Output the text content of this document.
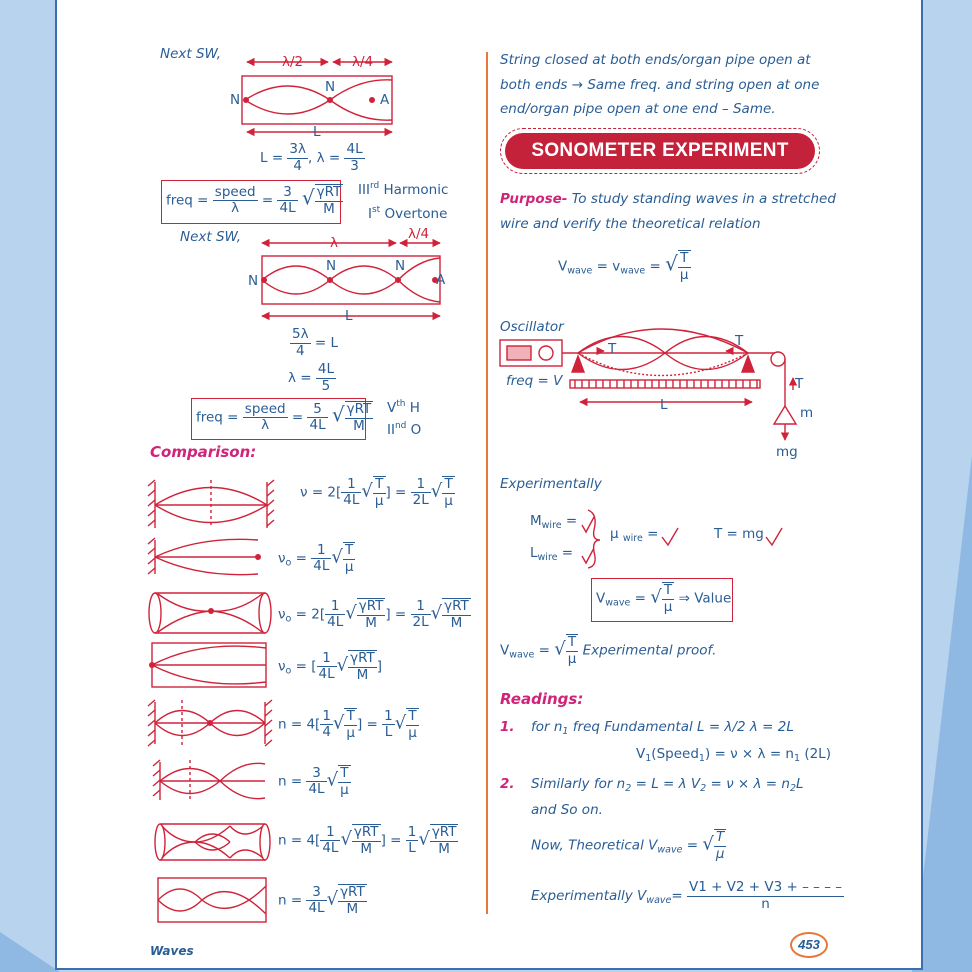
Next SW,	λ/2	λ/4
N
N
A
L
$L = \frac{3\lambda}{4}$ , $\lambda = \frac{4L}{3}$
freq = $\frac{\text{speed}}{\lambda} = \frac{3}{4L}$ √ $\frac{\text{γRT}}{M} IIIrd$ Harmonic
Ist Overtone
Next SW,	λ
λ/4
N	N
N	A
L
$\frac{5\lambda}{4} = L$
$\lambda = \frac{4L}{5}$
freq = $\frac{\text{speed}}{\lambda} = \frac{5}{4L}$ √ $\frac{\text{γRT}}{M} Vth$ H
IInd O
Comparison:
$\nu = 2[ \frac{1}{4L}$ √ $\frac{T}{\mu}$ ] = $\frac{1}{2L}$ √ $\frac{T}{\mu}$
$\nu_o = \frac{1}{4L}$ √ $\frac{T}{\mu}$
$\nu_o = 2[ \frac{1}{4L}$ √ $\frac{\text{γRT}}{M}$ ] = $\frac{1}{2L}$ √ $\frac{\text{γRT}}{M}$
$\nu_o$ = [ $\frac{1}{4L}$ √ $\frac{\text{γRT}}{M}$ ]
$n = 4[ \frac{1}{4}$ √ $\frac{T}{\mu}$ ] = $\frac{1}{L}$ √ $\frac{T}{\mu}$
$n = \frac{3}{4L}$ √ $\frac{T}{\mu}$
$n = 4[ \frac{1}{4L}$ √ $\frac{\text{γRT}}{M}$ ] = $\frac{1}{L}$ √ $\frac{\text{γRT}}{M}$
$n = \frac{3}{4L}$ √ $\frac{\text{γRT}}{M}$
String closed at both ends/organ pipe open at
both ends → Same freq. and string open at one
end/organ pipe open at one end – Same.
SONOMETER EXPERIMENT
Purpose- To study standing waves in a stretched
wire and verify the theoretical relation
$V_{wave} = v_{wave}$ = √ $\frac{T}{\mu}$
Oscillator
freq = V
T	T
T
m
mg
L
Experimentally
$M_{wire}$ =
$L_{wire}$ =
μ $_{wire}$ =	T = mg
$V_{wave}$ = √ $\frac{T}{\mu}$ ⇒ Value
$V_{wave}$ = √ $\frac{T}{\mu}$ Experimental proof.
Readings:
1. for $n_1$ freq Fundamental L = λ/2 λ = 2L
$V_1(Speed_1) = \nu \times \lambda = n_1$ (2L)
2. Similarly for $n_2 = L = \lambda$ $V_2 = \nu \times \lambda = n_2L$
and So on.
Now, Theoretical $V_{wave}$ = √ $\frac{T}{\mu}$
Experimentally $V_{wave}= \frac{V1 + V2 + V3 + - - - -}{n}$
Waves	453
